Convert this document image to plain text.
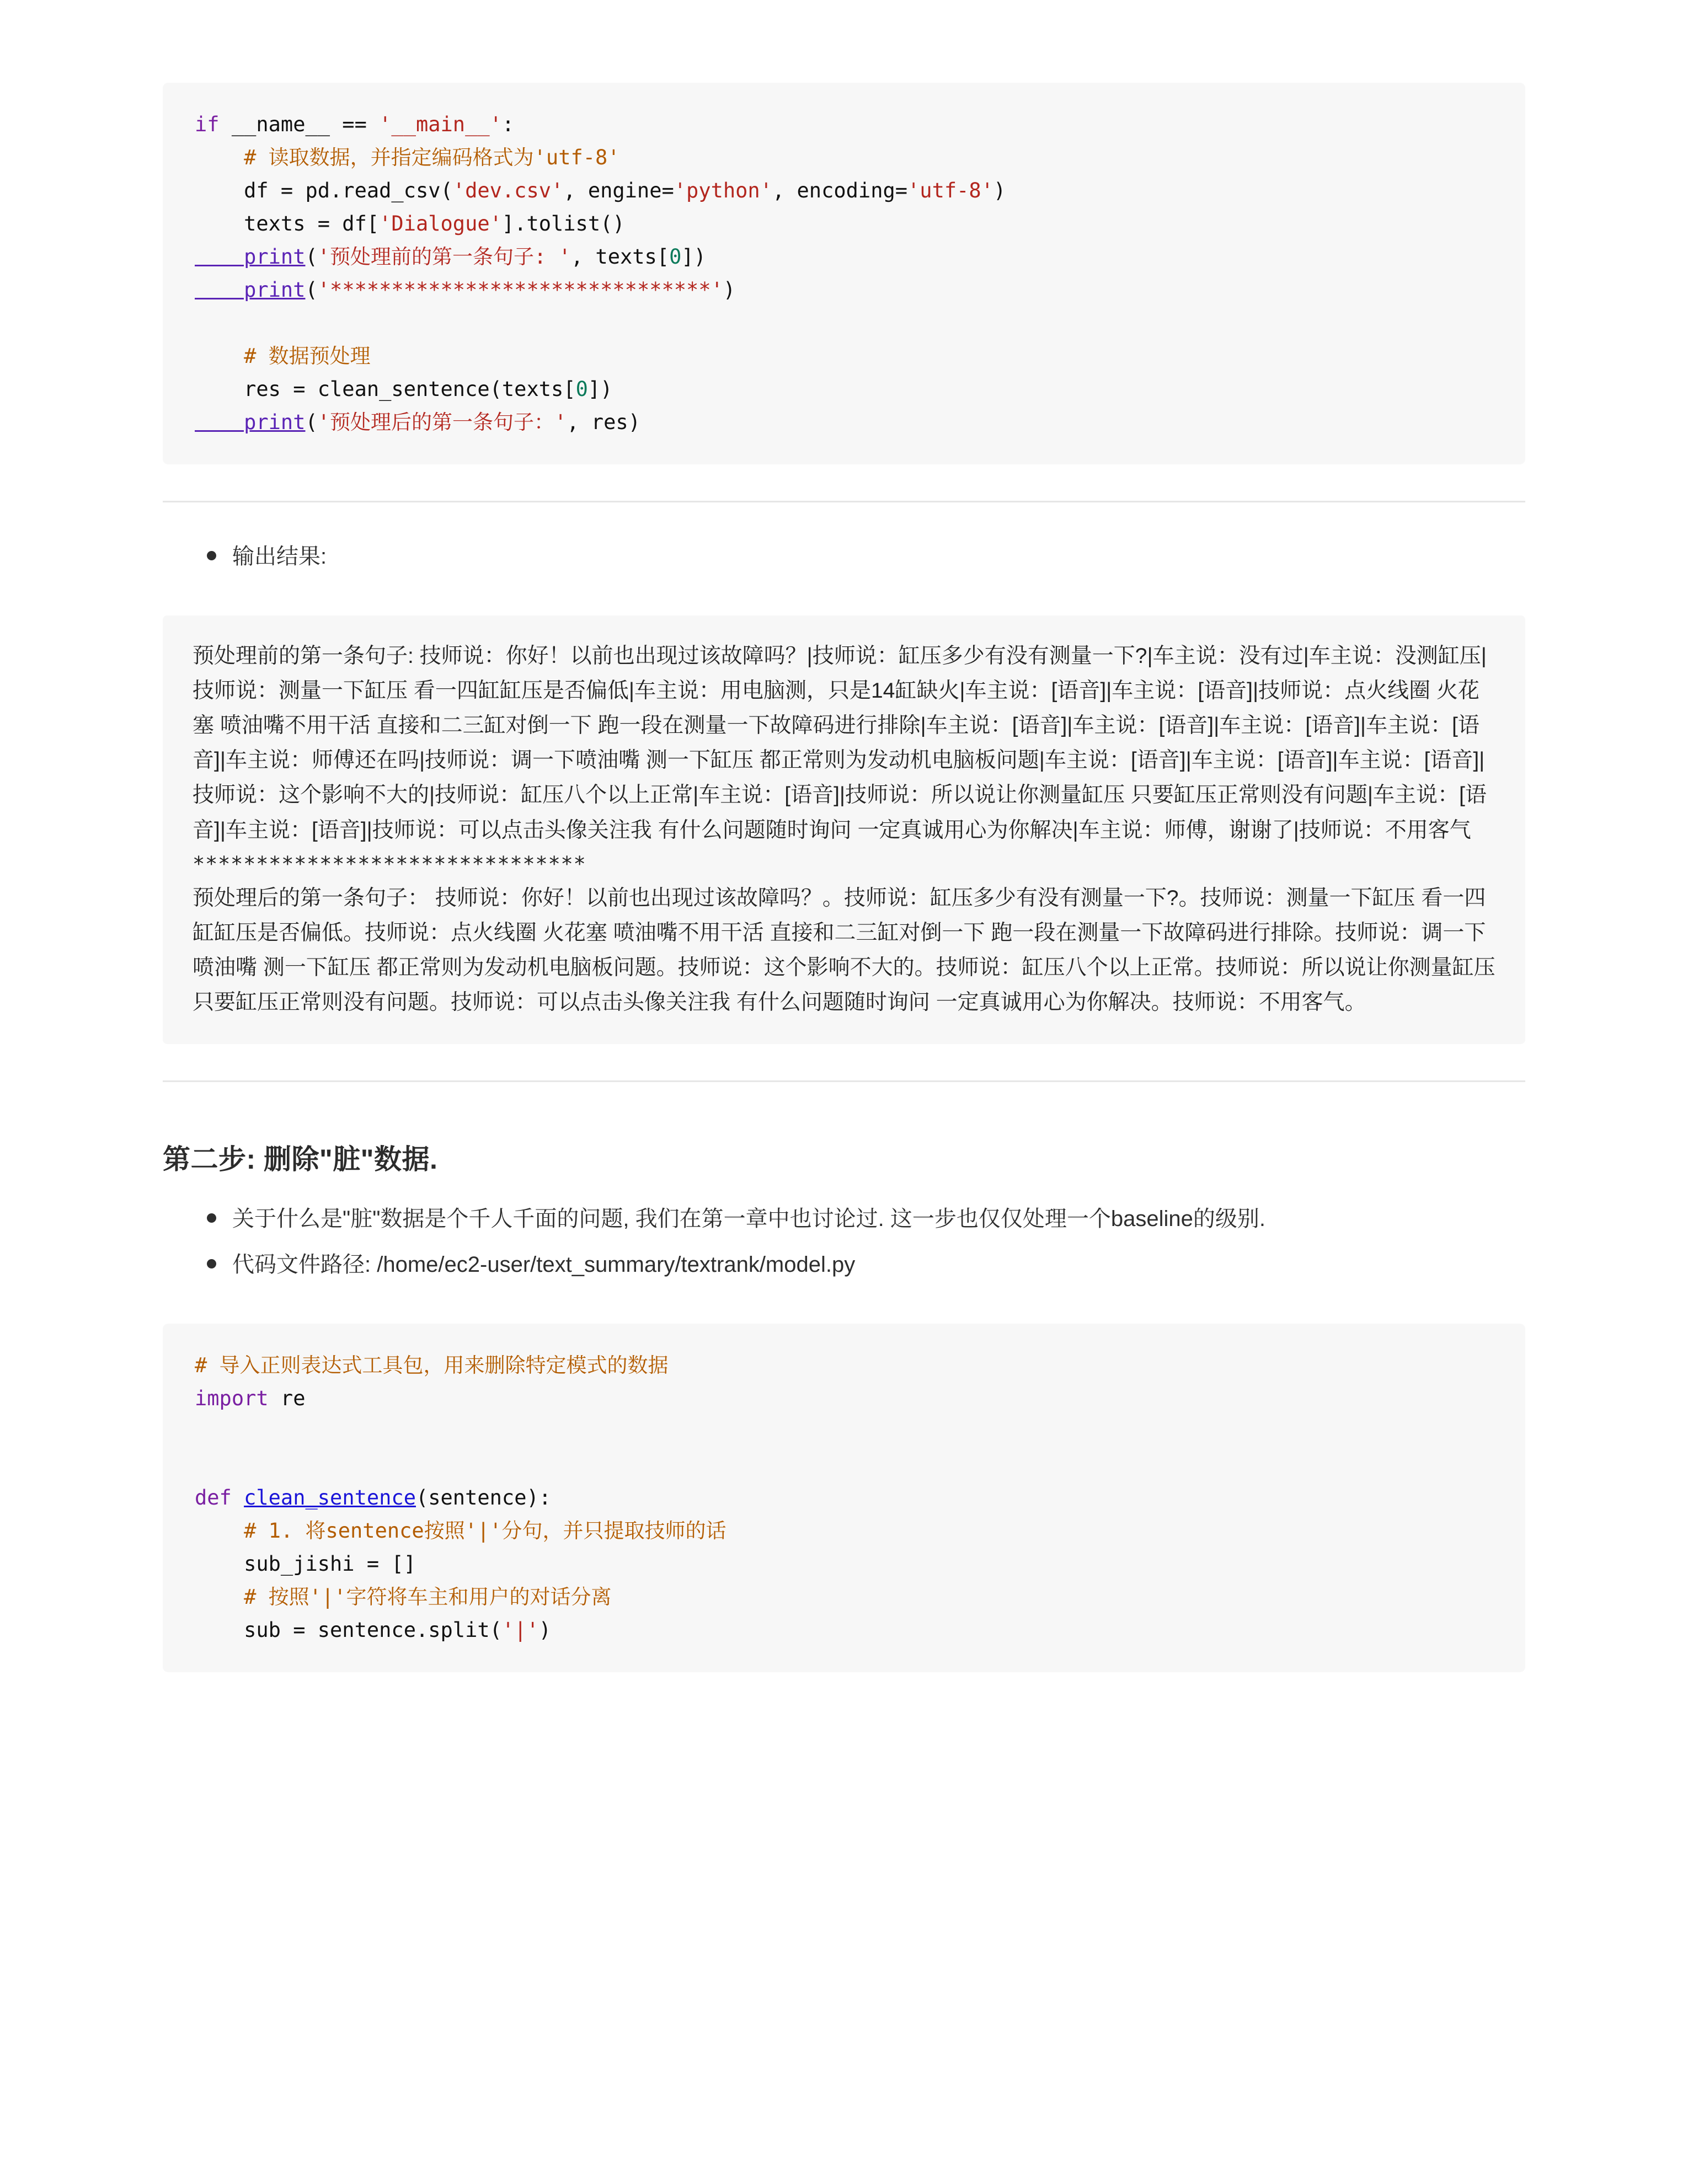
if __name__ == '__main__':
# 读取数据，并指定编码格式为'utf-8'
df = pd.read_csv('dev.csv', engine='python', encoding='utf-8')
texts = df['Dialogue'].tolist()
print('预处理前的第一条句子: ', texts[0])
print('*******************************')

# 数据预处理
res = clean_sentence(texts[0])
print('预处理后的第一条句子：', res)
输出结果:

预处理前的第一条句子: 技师说：你好！以前也出现过该故障吗？|技师说：缸压多少有没有测量一下?|车主说：没有过|车主说：没测缸压|技师说：测量一下缸压 看一四缸缸压是否偏低|车主说：用电脑测，只是14缸缺火|车主说：[语音]|车主说：[语音]|技师说：点火线圈 火花塞 喷油嘴不用干活 直接和二三缸对倒一下 跑一段在测量一下故障码进行排除|车主说：[语音]|车主说：[语音]|车主说：[语音]|车主说：[语音]|车主说：师傅还在吗|技师说：调一下喷油嘴 测一下缸压 都正常则为发动机电脑板问题|车主说：[语音]|车主说：[语音]|车主说：[语音]|技师说：这个影响不大的|技师说：缸压八个以上正常|车主说：[语音]|技师说：所以说让你测量缸压 只要缸压正常则没有问题|车主说：[语音]|车主说：[语音]|技师说：可以点击头像关注我 有什么问题随时询问 一定真诚用心为你解决|车主说：师傅，谢谢了|技师说：不用客气

*******************************

预处理后的第一条句子： 技师说：你好！以前也出现过该故障吗？。技师说：缸压多少有没有测量一下?。技师说：测量一下缸压 看一四缸缸压是否偏低。技师说：点火线圈 火花塞 喷油嘴不用干活 直接和二三缸对倒一下 跑一段在测量一下故障码进行排除。技师说：调一下喷油嘴 测一下缸压 都正常则为发动机电脑板问题。技师说：这个影响不大的。技师说：缸压八个以上正常。技师说：所以说让你测量缸压 只要缸压正常则没有问题。技师说：可以点击头像关注我 有什么问题随时询问 一定真诚用心为你解决。技师说：不用客气。

第二步: 删除"脏"数据.
关于什么是"脏"数据是个千人千面的问题, 我们在第一章中也讨论过. 这一步也仅仅处理一个baseline的级别.
代码文件路径: /home/ec2-user/text_summary/textrank/model.py
# 导入正则表达式工具包，用来删除特定模式的数据
import re

def clean_sentence(sentence):
# 1. 将sentence按照'|'分句，并只提取技师的话
sub_jishi = []
# 按照'|'字符将车主和用户的对话分离
sub = sentence.split('|')
